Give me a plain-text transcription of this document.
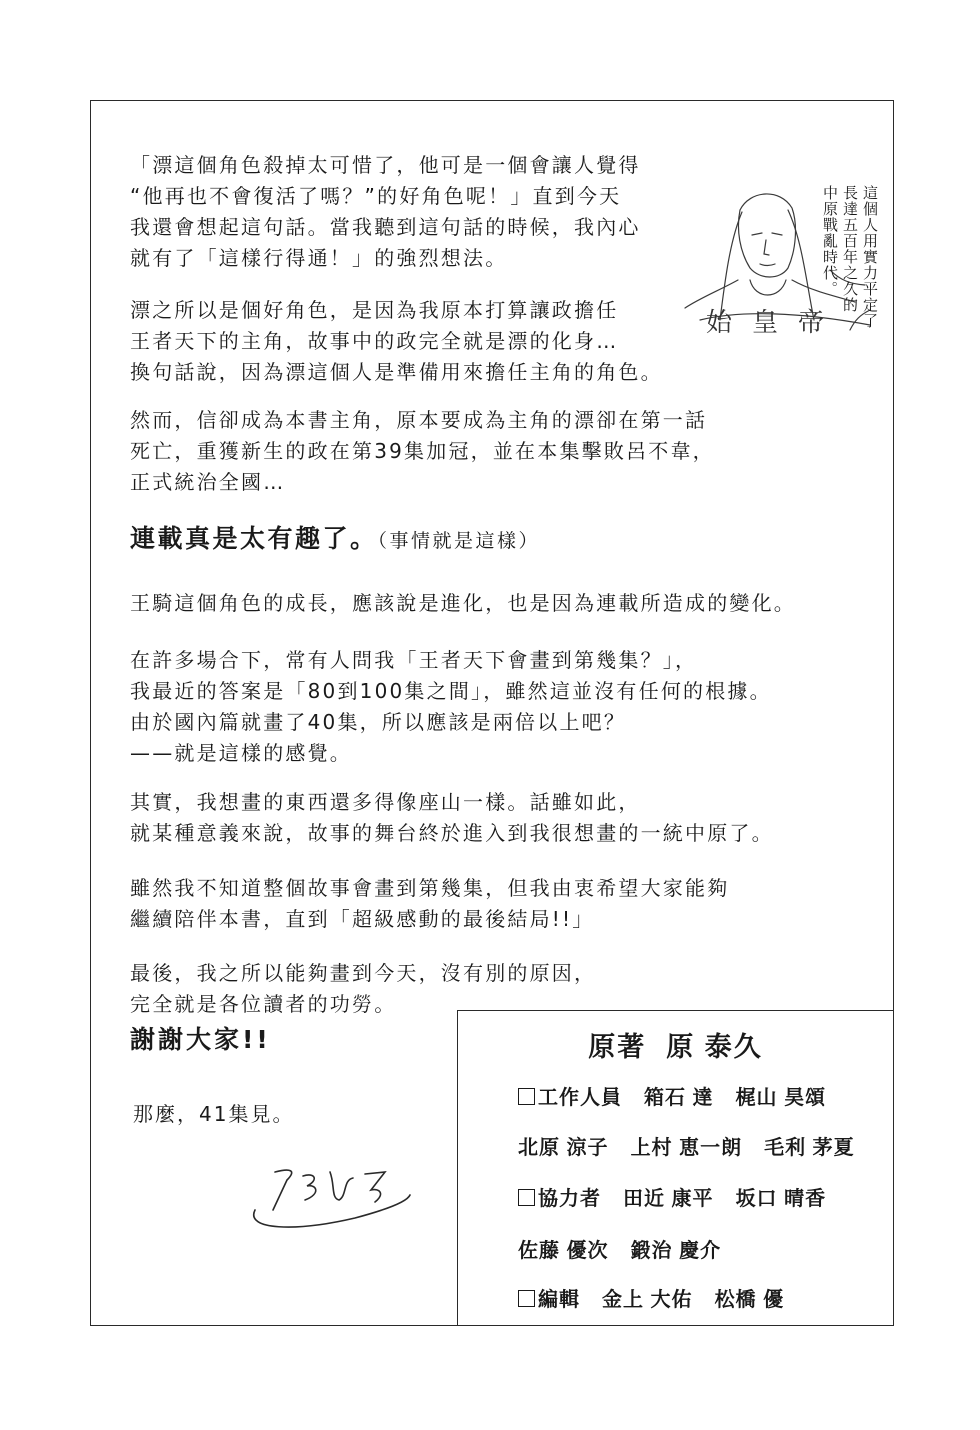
這個人用實力平定了
長達五百年之久的
中原戰亂時代。
始皇帝
「漂這個角色殺掉太可惜了，他可是一個會讓人覺得
“他再也不會復活了嗎？”的好角色呢！」直到今天
我還會想起這句話。當我聽到這句話的時候，我內心
就有了「這樣行得通！」的強烈想法。
漂之所以是個好角色，是因為我原本打算讓政擔任
王者天下的主角，故事中的政完全就是漂的化身…
換句話說，因為漂這個人是準備用來擔任主角的角色。
然而，信卻成為本書主角，原本要成為主角的漂卻在第一話
死亡，重獲新生的政在第39集加冠，並在本集擊敗呂不韋，
正式統治全國…
連載真是太有趣了。（事情就是這樣）
王騎這個角色的成長，應該說是進化，也是因為連載所造成的變化。
在許多場合下，常有人問我「王者天下會畫到第幾集？」，
我最近的答案是「80到100集之間」，雖然這並沒有任何的根據。
由於國內篇就畫了40集，所以應該是兩倍以上吧？
——就是這樣的感覺。
其實，我想畫的東西還多得像座山一樣。話雖如此，
就某種意義來說，故事的舞台終於進入到我很想畫的一統中原了。
雖然我不知道整個故事會畫到第幾集，但我由衷希望大家能夠
繼續陪伴本書，直到「超級感動的最後結局!!」
最後，我之所以能夠畫到今天，沒有別的原因，
完全就是各位讀者的功勞。
謝謝大家!!
那麼，41集見。
原著 原 泰久
工作人員 箱石 達 梶山 昊頌
北原 涼子 上村 恵一朗 毛利 茅夏
協力者 田近 康平 坂口 晴香
佐藤 優次 鍛治 慶介
編輯 金上 大佑 松橋 優
